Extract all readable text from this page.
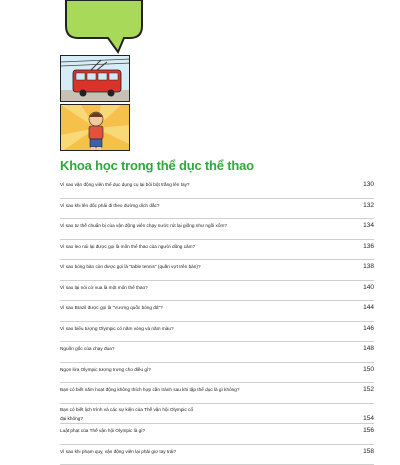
Khoa học trong thể dục thể thao
Vì sao vận động viên thể dục dụng cụ lại bôi bột trắng lên tay?	130
Vì sao khi lên dốc phải đi theo đường dích dắc?	132
Vì sao tư thế chuẩn bị của vận động viên chạy nước rút lại giống như ngồi xổm?	134
Vì sao leo núi lại được gọi là môn thể thao của người dũng cảm?	136
Vì sao bóng bàn còn được gọi là "table tennis" (quần vợt trên bàn)?	138
Vì sao lại nói cờ vua là một môn thể thao?	140
Vì sao Brazil được gọi là "Vương quốc bóng đá"?	144
Vì sao biểu tượng Olympic có năm vòng và năm màu?	146
Nguồn gốc của chạy đua?	148
Ngọn lửa Olympic tượng trưng cho điều gì?	150
Bạn có biết năm hoạt động không thích hợp cần tránh sau khi tập thể dục là gì không?	152
Bạn có biết lịch trình và các sự kiện của Thế vận hội Olympic cổ
đại không?	154
Luật phạt của Thế vận hội Olympic là gì?	156
Vì sao khi phạm quy, vận động viên lại phải giơ tay trái?	158
